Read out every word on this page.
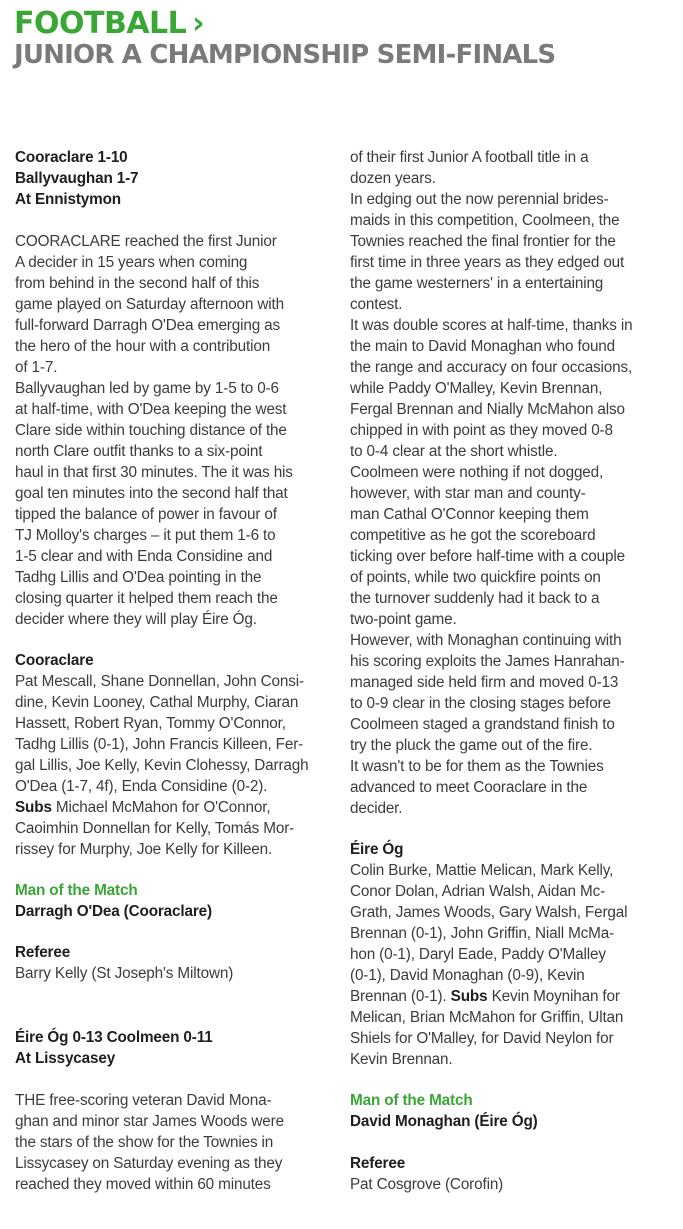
FOOTBALL ›
JUNIOR A CHAMPIONSHIP SEMI-FINALS
Cooraclare 1-10
Ballyvaughan 1-7
At Ennistymon
COORACLARE reached the first Junior
A decider in 15 years when coming
from behind in the second half of this
game played on Saturday afternoon with
full-forward Darragh O'Dea emerging as
the hero of the hour with a contribution
of 1-7.
Ballyvaughan led by game by 1-5 to 0-6
at half-time, with O'Dea keeping the west
Clare side within touching distance of the
north Clare outfit thanks to a six-point
haul in that first 30 minutes. The it was his
goal ten minutes into the second half that
tipped the balance of power in favour of
TJ Molloy's charges – it put them 1-6 to
1-5 clear and with Enda Considine and
Tadhg Lillis and O'Dea pointing in the
closing quarter it helped them reach the
decider where they will play Éire Óg.
Cooraclare
Pat Mescall, Shane Donnellan, John Consi-
dine, Kevin Looney, Cathal Murphy, Ciaran
Hassett, Robert Ryan, Tommy O'Connor,
Tadhg Lillis (0-1), John Francis Killeen, Fer-
gal Lillis, Joe Kelly, Kevin Clohessy, Darragh
O'Dea (1-7, 4f), Enda Considine (0-2).
Subs Michael McMahon for O'Connor,
Caoimhin Donnellan for Kelly, Tomás Mor-
rissey for Murphy, Joe Kelly for Killeen.
Man of the Match
Darragh O'Dea (Cooraclare)
Referee
Barry Kelly (St Joseph's Miltown)
Éire Óg 0-13 Coolmeen 0-11
At Lissycasey
THE free-scoring veteran David Mona-
ghan and minor star James Woods were
the stars of the show for the Townies in
Lissycasey on Saturday evening as they
reached they moved within 60 minutes
of their first Junior A football title in a
dozen years.
In edging out the now perennial brides-
maids in this competition, Coolmeen, the
Townies reached the final frontier for the
first time in three years as they edged out
the game westerners' in a entertaining
contest.
It was double scores at half-time, thanks in
the main to David Monaghan who found
the range and accuracy on four occasions,
while Paddy O'Malley, Kevin Brennan,
Fergal Brennan and Nially McMahon also
chipped in with point as they moved 0-8
to 0-4 clear at the short whistle.
Coolmeen were nothing if not dogged,
however, with star man and county-
man Cathal O'Connor keeping them
competitive as he got the scoreboard
ticking over before half-time with a couple
of points, while two quickfire points on
the turnover suddenly had it back to a
two-point game.
However, with Monaghan continuing with
his scoring exploits the James Hanrahan-
managed side held firm and moved 0-13
to 0-9 clear in the closing stages before
Coolmeen staged a grandstand finish to
try the pluck the game out of the fire.
It wasn't to be for them as the Townies
advanced to meet Cooraclare in the
decider.
Éire Óg
Colin Burke, Mattie Melican, Mark Kelly,
Conor Dolan, Adrian Walsh, Aidan Mc-
Grath, James Woods, Gary Walsh, Fergal
Brennan (0-1), John Griffin, Niall McMa-
hon (0-1), Daryl Eade, Paddy O'Malley
(0-1), David Monaghan (0-9), Kevin
Brennan (0-1). Subs Kevin Moynihan for
Melican, Brian McMahon for Griffin, Ultan
Shiels for O'Malley, for David Neylon for
Kevin Brennan.
Man of the Match
David Monaghan (Éire Óg)
Referee
Pat Cosgrove (Corofin)
